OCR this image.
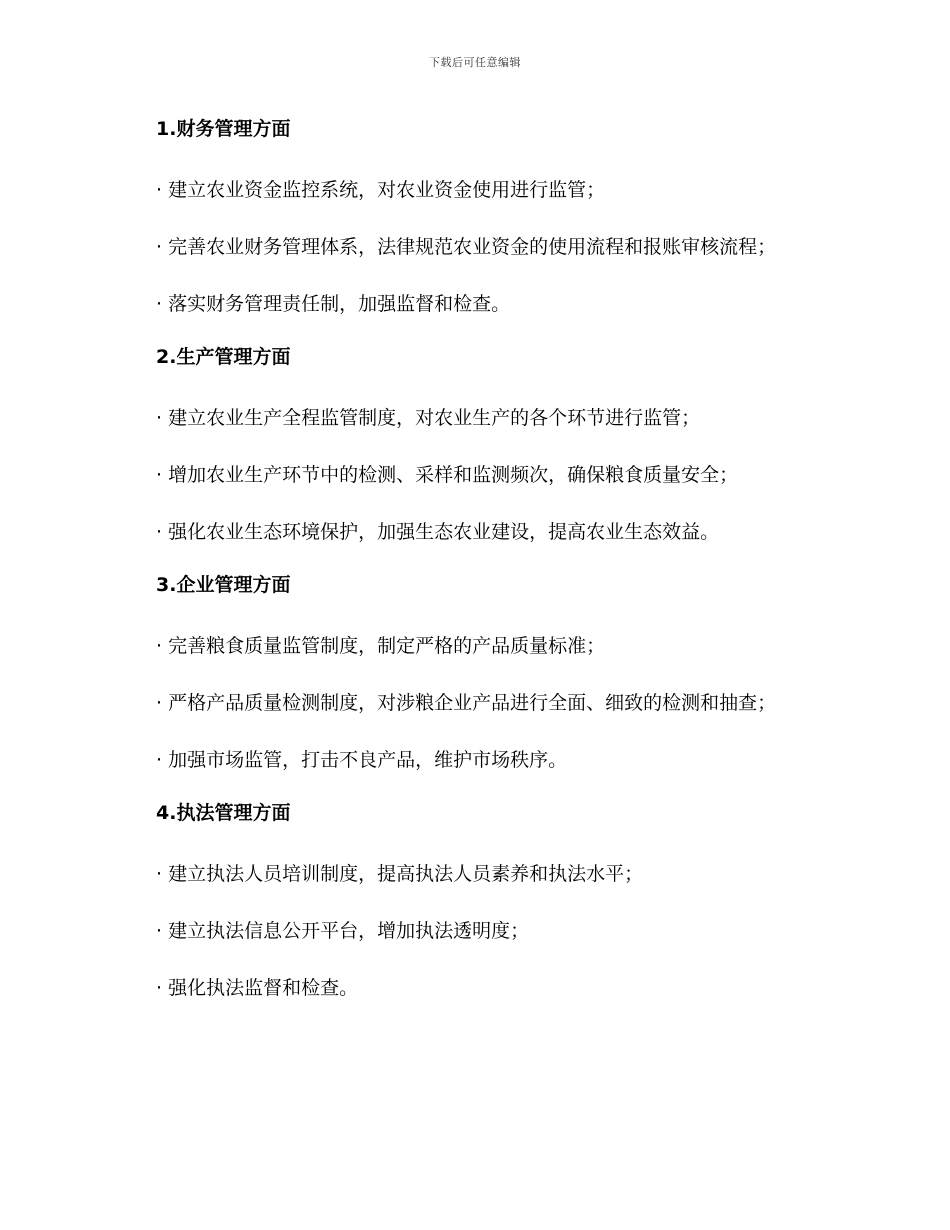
下载后可任意编辑

1.财务管理方面

· 建立农业资金监控系统，对农业资金使用进行监管；

· 完善农业财务管理体系，法律规范农业资金的使用流程和报账审核流程；

· 落实财务管理责任制，加强监督和检查。

2.生产管理方面

· 建立农业生产全程监管制度，对农业生产的各个环节进行监管；

· 增加农业生产环节中的检测、采样和监测频次，确保粮食质量安全；

· 强化农业生态环境保护，加强生态农业建设，提高农业生态效益。

3.企业管理方面

· 完善粮食质量监管制度，制定严格的产品质量标准；

· 严格产品质量检测制度，对涉粮企业产品进行全面、细致的检测和抽查；

· 加强市场监管，打击不良产品，维护市场秩序。

4.执法管理方面

· 建立执法人员培训制度，提高执法人员素养和执法水平；

· 建立执法信息公开平台，增加执法透明度；

· 强化执法监督和检查。
